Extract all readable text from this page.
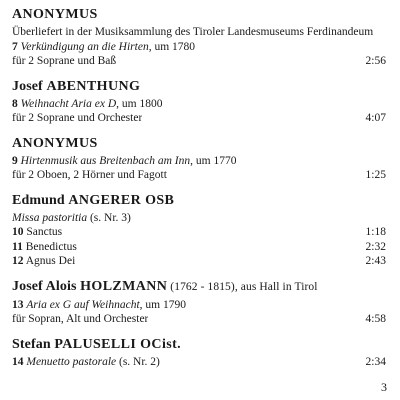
ANONYMUS
Überliefert in der Musiksammlung des Tiroler Landesmuseums Ferdinandeum
7 Verkündigung an die Hirten, um 1780
für 2 Soprane und Baß	2:56
Josef ABENTHUNG
8 Weihnacht Aria ex D, um 1800
für 2 Soprane und Orchester	4:07
ANONYMUS
9 Hirtenmusik aus Breitenbach am Inn, um 1770
für 2 Oboen, 2 Hörner und Fagott	1:25
Edmund ANGERER OSB
Missa pastoritia (s. Nr. 3)
10 Sanctus	1:18
11 Benedictus	2:32
12 Agnus Dei	2:43
Josef Alois HOLZMANN (1762 - 1815), aus Hall in Tirol
13 Aria ex G auf Weihnacht, um 1790
für Sopran, Alt und Orchester	4:58
Stefan PALUSELLI OCist.
14 Menuetto pastorale (s. Nr. 2)	2:34
3
